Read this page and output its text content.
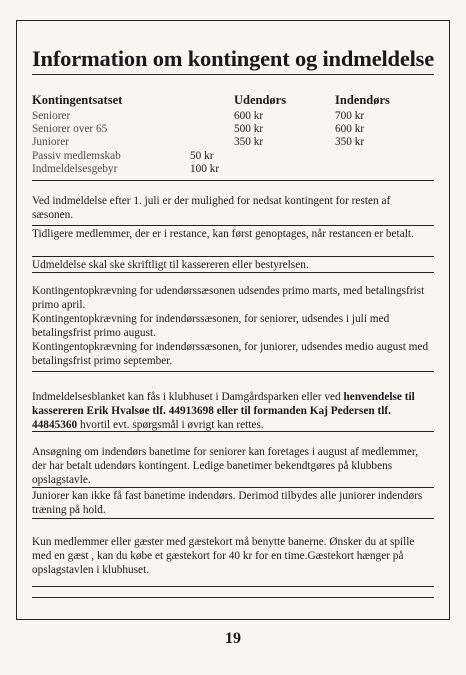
Information om kontingent og indmeldelse
Kontingentsatset	Udendørs	Indendørs
Seniorer	600 kr	700 kr
Seniorer over 65	500 kr	600 kr
Juniorer	350 kr	350 kr
Passiv medlemskab	50 kr
Indmeldelsesgebyr	100 kr

Ved indmeldelse efter 1. juli er der mulighed for nedsat kontingent for resten af sæsonen.

Tidligere medlemmer, der er i restance, kan først genoptages, når restancen er betalt.

Udmeldelse skal ske skriftligt til kassereren eller bestyrelsen.

Kontingentopkrævning for udendørssæsonen udsendes primo marts, med betalingsfrist primo april.

Kontingentopkrævning for indendørssæsonen, for seniorer, udsendes i juli med betalingsfrist primo august.

Kontingentopkrævning for indendørssæsonen, for juniorer, udsendes medio august med betalingsfrist primo september.

Indmeldelsesblanket kan fås i klubhuset i Damgårdsparken eller ved henvendelse til kassereren Erik Hvalsøe tlf. 44913698 eller til formanden Kaj Pedersen tlf. 44845360 hvortil evt. spørgsmål i øvrigt kan rettes.

Ansøgning om indendørs banetime for seniorer kan foretages i august af medlemmer, der har betalt udendørs kontingent. Ledige banetimer bekendtgøres på klubbens opslagstavle.

Juniorer kan ikke få fast banetime indendørs. Derimod tilbydes alle juniorer indendørs træning på hold.

Kun medlemmer eller gæster med gæstekort må benytte banerne. Ønsker du at spille med en gæst , kan du købe et gæstekort for 40 kr for en time.Gæstekort hænger på opslagstavlen i klubhuset.

19
